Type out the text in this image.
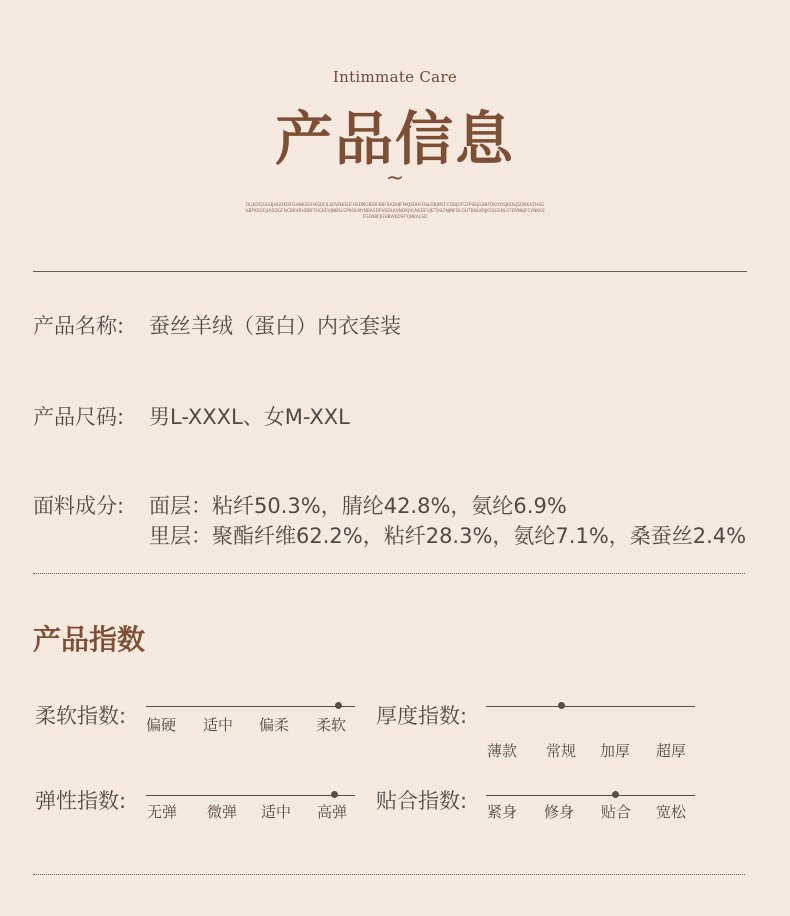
Intimmate Care
产品信息
~
OLJKDFJGLEIJHGOKDFGHNKSDFIKSDFJLSDVNKSDFHSDNGBDIFKBFSADHJFNKJSDHFOSLDBJMLT.CDBJDFGFPSEJGSNFDKIYOSJKDEJSDNKAZHSGHBFKSDFJLKSDGFNCBKVBHDBFFUCKFHJNBSLSYNOLMYNBASDFHSDLKVNDKJVLNSDFUJETDSONJNFDLGHTBNLKRJKSSGSNLSTDVNKJFCYNKKSFGFNBFJGHBWKDSFYJNKALSD
产品名称: 蚕丝羊绒（蛋白）内衣套装
产品尺码: 男L-XXXL、女M-XXL
面料成分: 面层：粘纤50.3%，腈纶42.8%，氨纶6.9%
里层：聚酯纤维62.2%，粘纤28.3%，氨纶7.1%，桑蚕丝2.4%
产品指数
柔软指数: 偏硬 适中 偏柔 柔软 厚度指数:
薄款 常规 加厚 超厚
弹性指数: 无弹 微弹 适中 高弹 贴合指数: 紧身 修身 贴合 宽松
